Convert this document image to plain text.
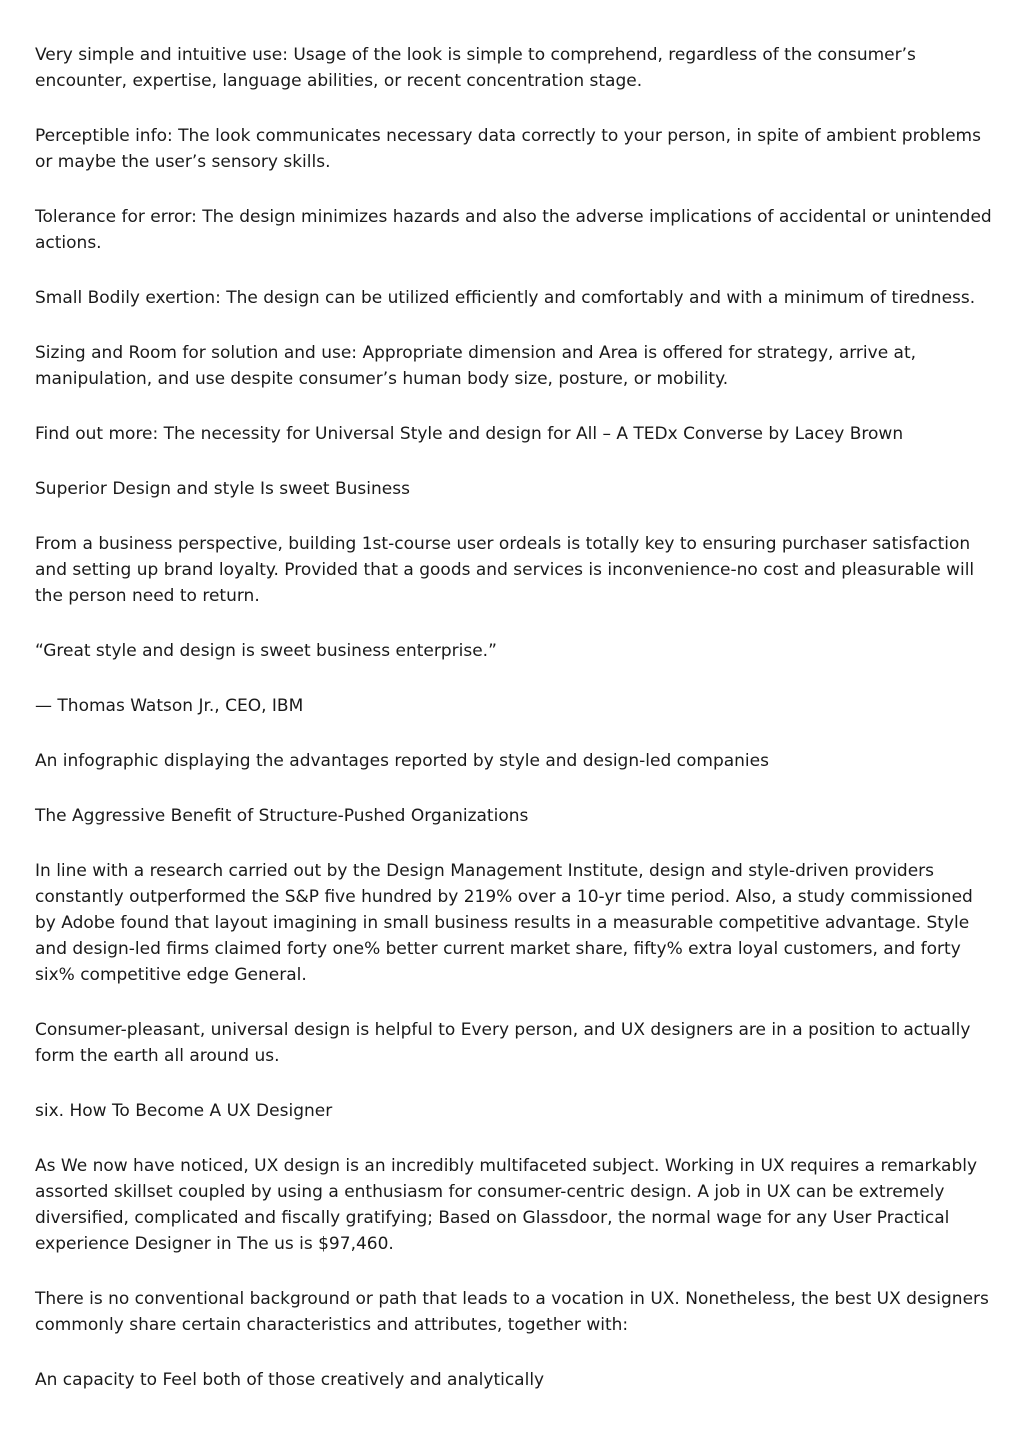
Very simple and intuitive use: Usage of the look is simple to comprehend, regardless of the consumer’s encounter, expertise, language abilities, or recent concentration stage.

Perceptible info: The look communicates necessary data correctly to your person, in spite of ambient problems or maybe the user’s sensory skills.

Tolerance for error: The design minimizes hazards and also the adverse implications of accidental or unintended actions.

Small Bodily exertion: The design can be utilized efficiently and comfortably and with a minimum of tiredness.

Sizing and Room for solution and use: Appropriate dimension and Area is offered for strategy, arrive at, manipulation, and use despite consumer’s human body size, posture, or mobility.

Find out more: The necessity for Universal Style and design for All – A TEDx Converse by Lacey Brown

Superior Design and style Is sweet Business

From a business perspective, building 1st-course user ordeals is totally key to ensuring purchaser satisfaction and setting up brand loyalty. Provided that a goods and services is inconvenience-no cost and pleasurable will the person need to return.

“Great style and design is sweet business enterprise.”

— Thomas Watson Jr., CEO, IBM

An infographic displaying the advantages reported by style and design-led companies

The Aggressive Benefit of Structure-Pushed Organizations

In line with a research carried out by the Design Management Institute, design and style-driven providers constantly outperformed the S&P five hundred by 219% over a 10-yr time period. Also, a study commissioned by Adobe found that layout imagining in small business results in a measurable competitive advantage. Style and design-led firms claimed forty one% better current market share, fifty% extra loyal customers, and forty six% competitive edge General.

Consumer-pleasant, universal design is helpful to Every person, and UX designers are in a position to actually form the earth all around us.

six. How To Become A UX Designer

As We now have noticed, UX design is an incredibly multifaceted subject. Working in UX requires a remarkably assorted skillset coupled by using a enthusiasm for consumer-centric design. A job in UX can be extremely diversified, complicated and fiscally gratifying; Based on Glassdoor, the normal wage for any User Practical experience Designer in The us is $97,460.

There is no conventional background or path that leads to a vocation in UX. Nonetheless, the best UX designers commonly share certain characteristics and attributes, together with:

An capacity to Feel both of those creatively and analytically
